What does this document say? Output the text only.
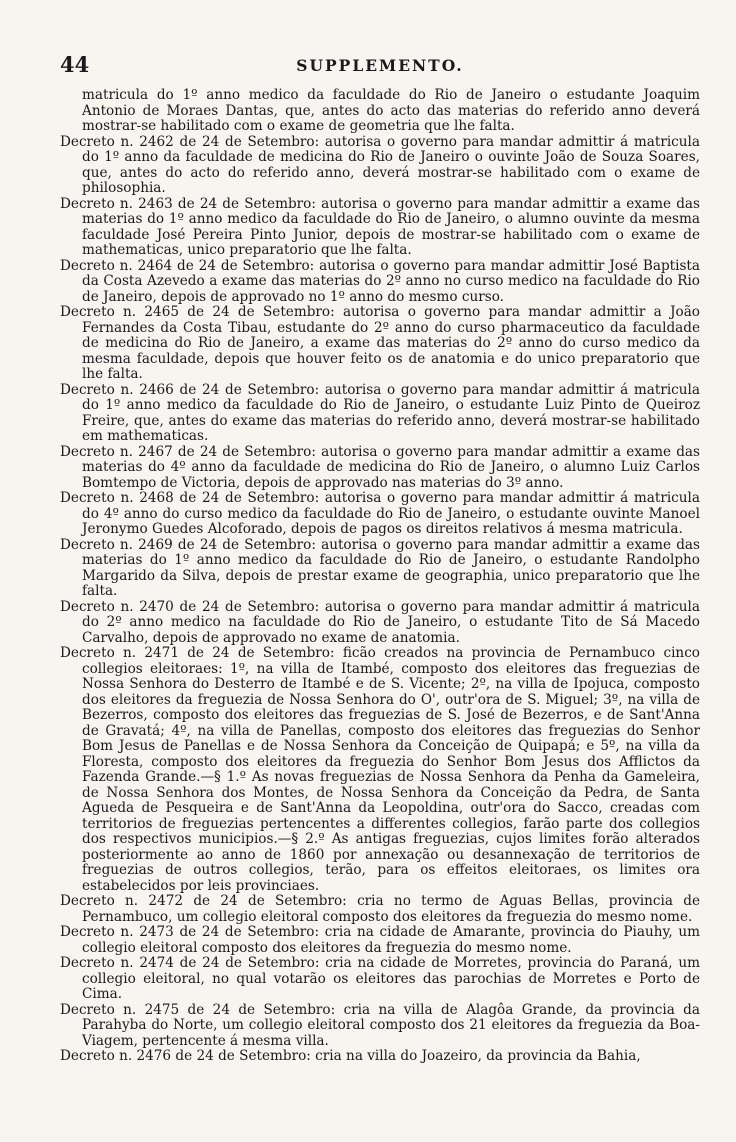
44	SUPPLEMENTO.

matricula do 1º anno medico da faculdade do Rio de Janeiro o estudante Joaquim Antonio de Moraes Dantas, que, antes do acto das materias do referido anno deverá mostrar-se habilitado com o exame de geometria que lhe falta.

Decreto n. 2462 de 24 de Setembro: autorisa o governo para mandar admittir á matricula do 1º anno da faculdade de medicina do Rio de Janeiro o ouvinte João de Souza Soares, que, antes do acto do referido anno, deverá mostrar-se habilitado com o exame de philosophia.

Decreto n. 2463 de 24 de Setembro: autorisa o governo para mandar admittir a exame das materias do 1º anno medico da faculdade do Rio de Janeiro, o alumno ouvinte da mesma faculdade José Pereira Pinto Junior, depois de mostrar-se habilitado com o exame de mathematicas, unico preparatorio que lhe falta.

Decreto n. 2464 de 24 de Setembro: autorisa o governo para mandar admittir José Baptista da Costa Azevedo a exame das materias do 2º anno no curso medico na faculdade do Rio de Janeiro, depois de approvado no 1º anno do mesmo curso.

Decreto n. 2465 de 24 de Setembro: autorisa o governo para mandar admittir a João Fernandes da Costa Tibau, estudante do 2º anno do curso pharmaceutico da faculdade de medicina do Rio de Janeiro, a exame das materias do 2º anno do curso medico da mesma faculdade, depois que houver feito os de anatomia e do unico preparatorio que lhe falta.

Decreto n. 2466 de 24 de Setembro: autorisa o governo para mandar admittir á matricula do 1º anno medico da faculdade do Rio de Janeiro, o estudante Luiz Pinto de Queiroz Freire, que, antes do exame das materias do referido anno, deverá mostrar-se habilitado em mathematicas.

Decreto n. 2467 de 24 de Setembro: autorisa o governo para mandar admittir a exame das materias do 4º anno da faculdade de medicina do Rio de Janeiro, o alumno Luiz Carlos Bomtempo de Victoria, depois de approvado nas materias do 3º anno.

Decreto n. 2468 de 24 de Setembro: autorisa o governo para mandar admittir á matricula do 4º anno do curso medico da faculdade do Rio de Janeiro, o estudante ouvinte Manoel Jeronymo Guedes Alcoforado, depois de pagos os direitos relativos á mesma matricula.

Decreto n. 2469 de 24 de Setembro: autorisa o governo para mandar admittir a exame das materias do 1º anno medico da faculdade do Rio de Janeiro, o estudante Randolpho Margarido da Silva, depois de prestar exame de geographia, unico preparatorio que lhe falta.

Decreto n. 2470 de 24 de Setembro: autorisa o governo para mandar admittir á matricula do 2º anno medico na faculdade do Rio de Janeiro, o estudante Tito de Sá Macedo Carvalho, depois de approvado no exame de anatomia.

Decreto n. 2471 de 24 de Setembro: ficão creados na provincia de Pernambuco cinco collegios eleitoraes: 1º, na villa de Itambé, composto dos eleitores das freguezias de Nossa Senhora do Desterro de Itambé e de S. Vicente; 2º, na villa de Ipojuca, composto dos eleitores da freguezia de Nossa Senhora do O', outr'ora de S. Miguel; 3º, na villa de Bezerros, composto dos eleitores das freguezias de S. José de Bezerros, e de Sant'Anna de Gravatá; 4º, na villa de Panellas, composto dos eleitores das freguezias do Senhor Bom Jesus de Panellas e de Nossa Senhora da Conceição de Quipapá; e 5º, na villa da Floresta, composto dos eleitores da freguezia do Senhor Bom Jesus dos Afflictos da Fazenda Grande.—§ 1.º As novas freguezias de Nossa Senhora da Penha da Gameleira, de Nossa Senhora dos Montes, de Nossa Senhora da Conceição da Pedra, de Santa Agueda de Pesqueira e de Sant'Anna da Leopoldina, outr'ora do Sacco, creadas com territorios de freguezias pertencentes a differentes collegios, farão parte dos collegios dos respectivos municipios.—§ 2.º As antigas freguezias, cujos limites forão alterados posteriormente ao anno de 1860 por annexação ou desannexação de territorios de freguezias de outros collegios, terão, para os effeitos eleitoraes, os limites ora estabelecidos por leis provinciaes.

Decreto n. 2472 de 24 de Setembro: cria no termo de Aguas Bellas, provincia de Pernambuco, um collegio eleitoral composto dos eleitores da freguezia do mesmo nome.

Decreto n. 2473 de 24 de Setembro: cria na cidade de Amarante, provincia do Piauhy, um collegio eleitoral composto dos eleitores da freguezia do mesmo nome.

Decreto n. 2474 de 24 de Setembro: cria na cidade de Morretes, provincia do Paraná, um collegio eleitoral, no qual votarão os eleitores das parochias de Morretes e Porto de Cima.

Decreto n. 2475 de 24 de Setembro: cria na villa de Alagôa Grande, da provincia da Parahyba do Norte, um collegio eleitoral composto dos 21 eleitores da freguezia da Boa-Viagem, pertencente á mesma villa.

Decreto n. 2476 de 24 de Setembro: cria na villa do Joazeiro, da provincia da Bahia,
